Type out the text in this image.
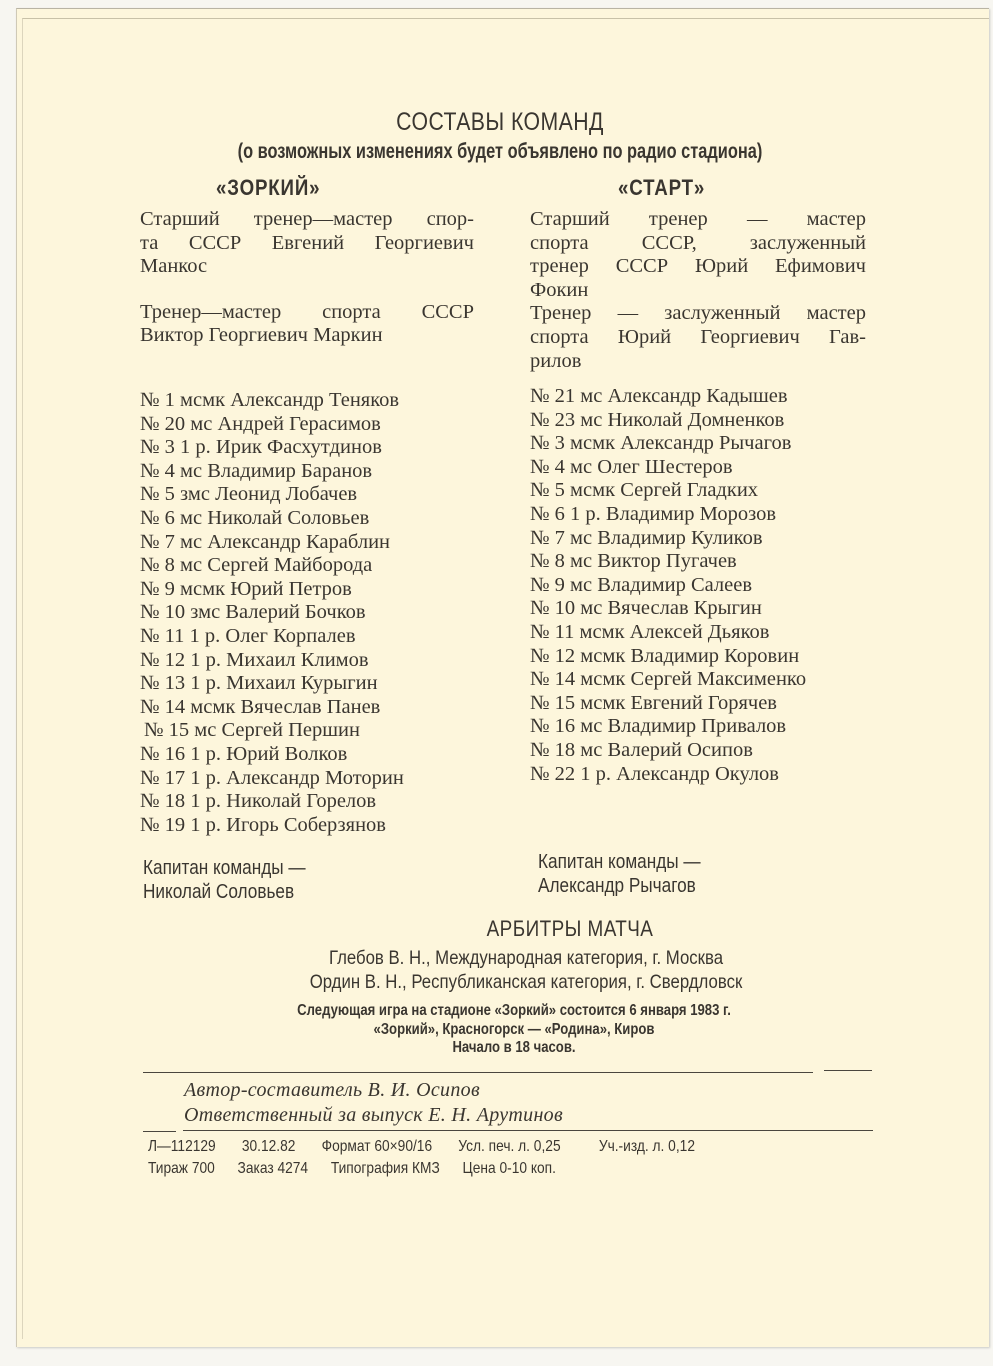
СОСТАВЫ КОМАНД
(о возможных изменениях будет объявлено по радио стадиона)
«ЗОРКИЙ»	«СТАРТ»

Старший тренер—мастер спор-

та СССР Евгений Георгиевич

Манкос

Тренер—мастер спорта СССР

Виктор Георгиевич Маркин

Старший тренер — мастер

спорта СССР, заслуженный

тренер СССР Юрий Ефимович

Фокин

Тренер — заслуженный мастер

спорта Юрий Георгиевич Гав-

рилов

№ 1 мсмк Александр Теняков

№ 20 мс Андрей Герасимов

№ 3 1 р. Ирик Фасхутдинов

№ 4 мс Владимир Баранов

№ 5 змс Леонид Лобачев

№ 6 мс Николай Соловьев

№ 7 мс Александр Караблин

№ 8 мс Сергей Майборода

№ 9 мсмк Юрий Петров

№ 10 змс Валерий Бочков

№ 11 1 р. Олег Корпалев

№ 12 1 р. Михаил Климов

№ 13 1 р. Михаил Курыгин

№ 14 мсмк Вячеслав Панев

№ 15 мс Сергей Першин

№ 16 1 р. Юрий Волков

№ 17 1 р. Александр Моторин

№ 18 1 р. Николай Горелов

№ 19 1 р. Игорь Соберзянов

№ 21 мс Александр Кадышев

№ 23 мс Николай Домненков

№ 3 мсмк Александр Рычагов

№ 4 мс Олег Шестеров

№ 5 мсмк Сергей Гладких

№ 6 1 р. Владимир Морозов

№ 7 мс Владимир Куликов

№ 8 мс Виктор Пугачев

№ 9 мс Владимир Салеев

№ 10 мс Вячеслав Крыгин

№ 11 мсмк Алексей Дьяков

№ 12 мсмк Владимир Коровин

№ 14 мсмк Сергей Максименко

№ 15 мсмк Евгений Горячев

№ 16 мс Владимир Привалов

№ 18 мс Валерий Осипов

№ 22 1 р. Александр Окулов

Капитан команды —
Николай Соловьев
Капитан команды —
Александр Рычагов
АРБИТРЫ МАТЧА
Глебов В. Н., Международная категория, г. Москва
Ордин В. Н., Республиканская категория, г. Свердловск
Следующая игра на стадионе «Зоркий» состоится 6 января 1983 г.
«Зоркий», Красногорск — «Родина», Киров
Начало в 18 часов.
Автор-составитель В. И. Осипов
Ответственный за выпуск Е. Н. Арутинов
Л—112129 30.12.82 Формат 60×90/16 Усл. печ. л. 0,25 Уч.-изд. л. 0,12
Тираж 700 Заказ 4274 Типография КМЗ Цена 0-10 коп.
